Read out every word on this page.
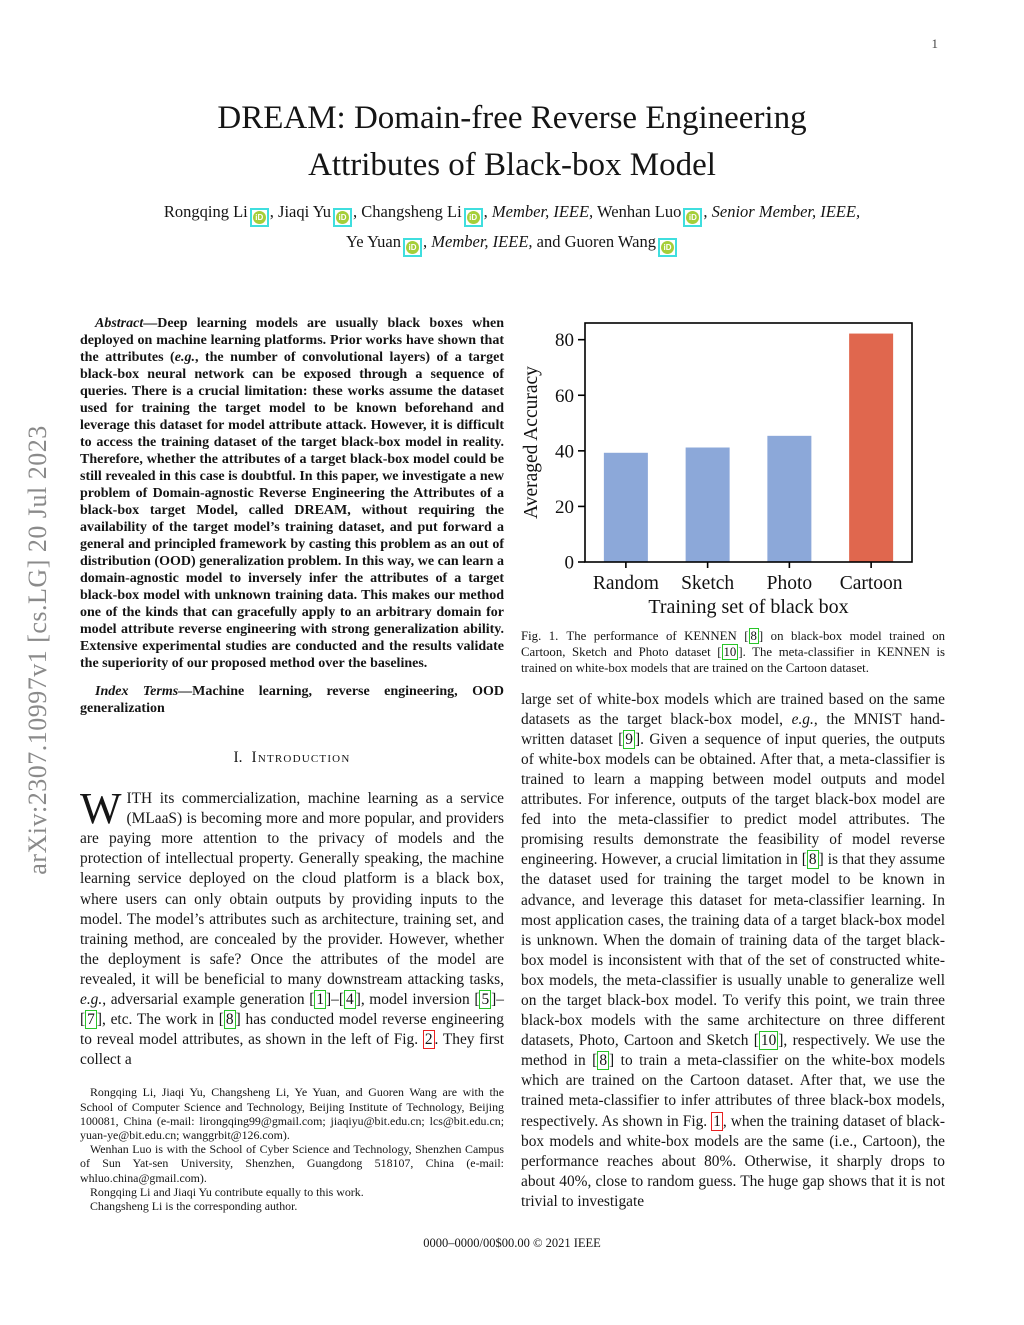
1
arXiv:2307.10997v1 [cs.LG] 20 Jul 2023
DREAM: Domain-free Reverse Engineering
Attributes of Black-box Model
Rongqing Li iD , Jiaqi Yu iD , Changsheng Li iD , Member, IEEE, Wenhan Luo iD , Senior Member, IEEE,
Ye Yuan iD , Member, IEEE, and Guoren Wang iD

Abstract—Deep learning models are usually black boxes when deployed on machine learning platforms. Prior works have shown that the attributes (e.g., the number of convolutional layers) of a target black-box neural network can be exposed through a sequence of queries. There is a crucial limitation: these works assume the dataset used for training the target model to be known beforehand and leverage this dataset for model attribute attack. However, it is difficult to access the training dataset of the target black-box model in reality. Therefore, whether the attributes of a target black-box model could be still revealed in this case is doubtful. In this paper, we investigate a new problem of Domain-agnostic Reverse Engineering the Attributes of a black-box target Model, called DREAM, without requiring the availability of the target model’s training dataset, and put forward a general and principled framework by casting this problem as an out of distribution (OOD) generalization problem. In this way, we can learn a domain-agnostic model to inversely infer the attributes of a target black-box model with unknown training data. This makes our method one of the kinds that can gracefully apply to an arbitrary domain for model attribute reverse engineering with strong generalization ability. Extensive experimental studies are conducted and the results validate the superiority of our proposed method over the baselines.

Index Terms—Machine learning, reverse engineering, OOD generalization

I. Introduction

WITH its commercialization, machine learning as a service (MLaaS) is becoming more and more popular, and providers are paying more attention to the privacy of models and the protection of intellectual property. Generally speaking, the machine learning service deployed on the cloud platform is a black box, where users can only obtain outputs by providing inputs to the model. The model’s attributes such as architecture, training set, and training method, are concealed by the provider. However, whether the deployment is safe? Once the attributes of the model are revealed, it will be beneficial to many downstream attacking tasks, e.g., adversarial example generation [ 1 ]–[ 4 ], model inversion [ 5 ]–[ 7 ], etc. The work in [ 8 ] has conducted model reverse engineering to reveal model attributes, as shown in the left of Fig. 2 . They first collect a

Rongqing Li, Jiaqi Yu, Changsheng Li, Ye Yuan, and Guoren Wang are with the School of Computer Science and Technology, Beijing Institute of Technology, Beijing 100081, China (e-mail: lirongqing99@gmail.com; jiaqiyu@bit.edu.cn; lcs@bit.edu.cn; yuan-ye@bit.edu.cn; wanggrbit@126.com).

Wenhan Luo is with the School of Cyber Science and Technology, Shenzhen Campus of Sun Yat-sen University, Shenzhen, Guangdong 518107, China (e-mail: whluo.china@gmail.com).

Rongqing Li and Jiaqi Yu contribute equally to this work.

Changsheng Li is the corresponding author.

0
20
40
60
80
Random Sketch Photo Cartoon
Averaged Accuracy
Training set of black box

Fig. 1. The performance of KENNEN [ 8 ] on black-box model trained on Cartoon, Sketch and Photo dataset [ 10 ]. The meta-classifier in KENNEN is trained on white-box models that are trained on the Cartoon dataset.

large set of white-box models which are trained based on the same datasets as the target black-box model, e.g., the MNIST hand-written dataset [ 9 ]. Given a sequence of input queries, the outputs of white-box models can be obtained. After that, a meta-classifier is trained to learn a mapping between model outputs and model attributes. For inference, outputs of the target black-box model are fed into the meta-classifier to predict model attributes. The promising results demonstrate the feasibility of model reverse engineering. However, a crucial limitation in [ 8 ] is that they assume the dataset used for training the target model to be known in advance, and leverage this dataset for meta-classifier learning. In most application cases, the training data of a target black-box model is unknown. When the domain of training data of the target black-box model is inconsistent with that of the set of constructed white-box models, the meta-classifier is usually unable to generalize well on the target black-box model. To verify this point, we train three black-box models with the same architecture on three different datasets, Photo, Cartoon and Sketch [ 10 ], respectively. We use the method in [ 8 ] to train a meta-classifier on the white-box models which are trained on the Cartoon dataset. After that, we use the trained meta-classifier to infer attributes of three black-box models, respectively. As shown in Fig. 1 , when the training dataset of black-box models and white-box models are the same (i.e., Cartoon), the performance reaches about 80%. Otherwise, it sharply drops to about 40%, close to random guess. The huge gap shows that it is not trivial to investigate

0000–0000/00$00.00 © 2021 IEEE
